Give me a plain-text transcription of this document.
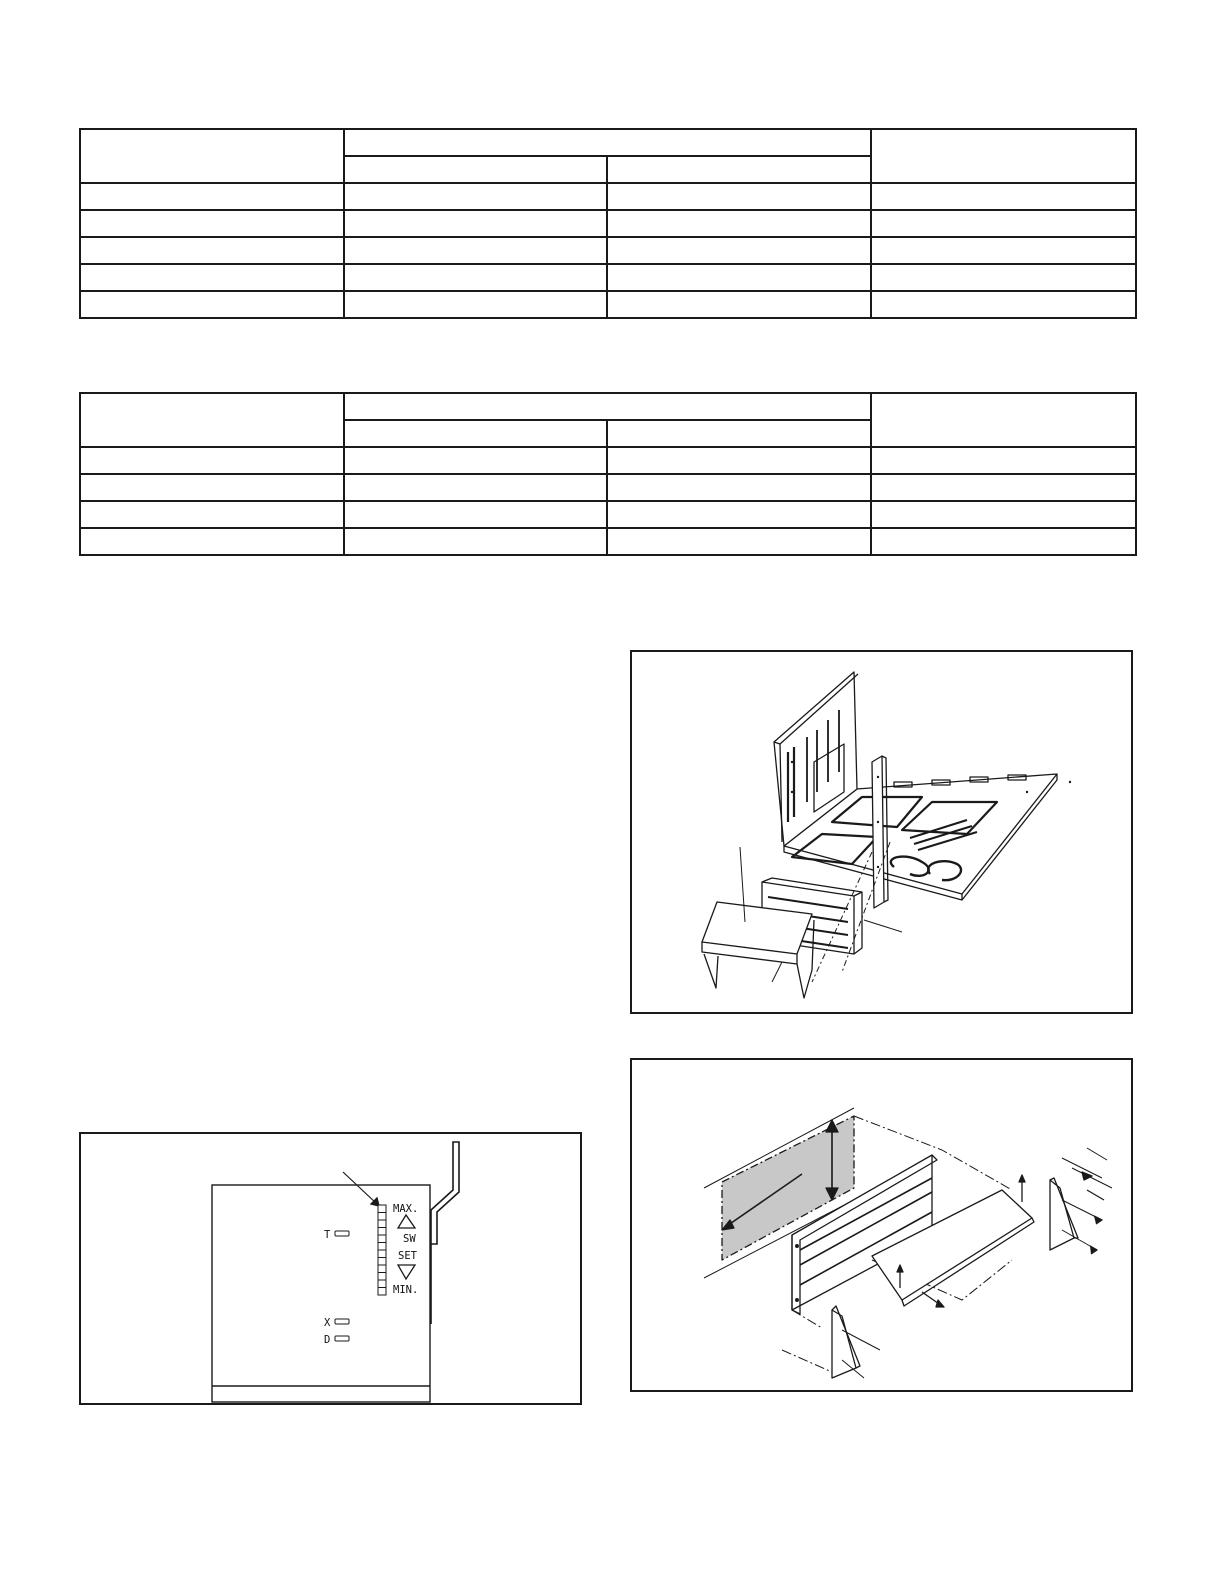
MAX.
SW
SET
MIN.
T
X
D
